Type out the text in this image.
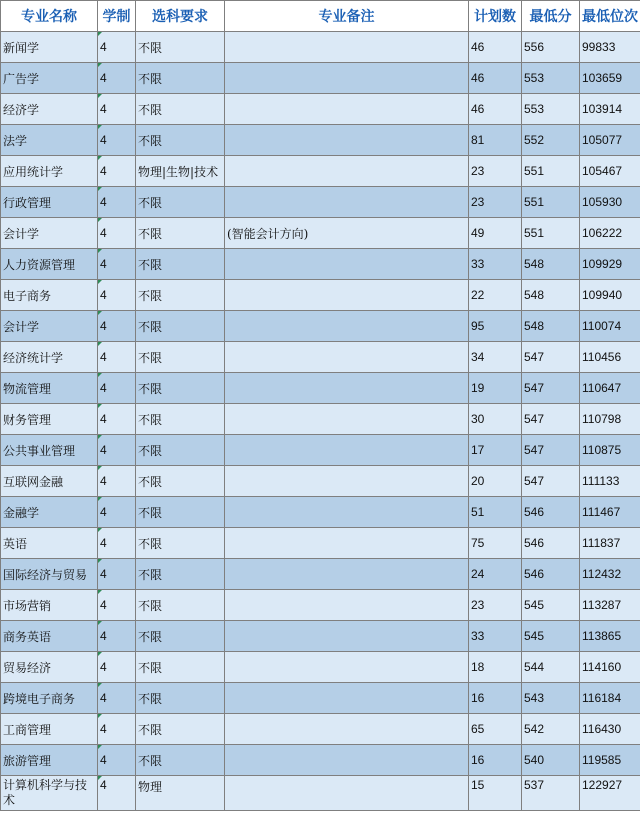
专业名称	学制	选科要求	专业备注	计划数	最低分	最低位次
新闻学	4	不限		46	556	99833
广告学	4	不限		46	553	103659
经济学	4	不限		46	553	103914
法学	4	不限		81	552	105077
应用统计学	4	物理|生物|技术		23	551	105467
行政管理	4	不限		23	551	105930
会计学	4	不限	(智能会计方向)	49	551	106222
人力资源管理	4	不限		33	548	109929
电子商务	4	不限		22	548	109940
会计学	4	不限		95	548	110074
经济统计学	4	不限		34	547	110456
物流管理	4	不限		19	547	110647
财务管理	4	不限		30	547	110798
公共事业管理	4	不限		17	547	110875
互联网金融	4	不限		20	547	111133
金融学	4	不限		51	546	111467
英语	4	不限		75	546	111837
国际经济与贸易	4	不限		24	546	112432
市场营销	4	不限		23	545	113287
商务英语	4	不限		33	545	113865
贸易经济	4	不限		18	544	114160
跨境电子商务	4	不限		16	543	116184
工商管理	4	不限		65	542	116430
旅游管理	4	不限		16	540	119585
计算机科学与技术	4	物理		15	537	122927
